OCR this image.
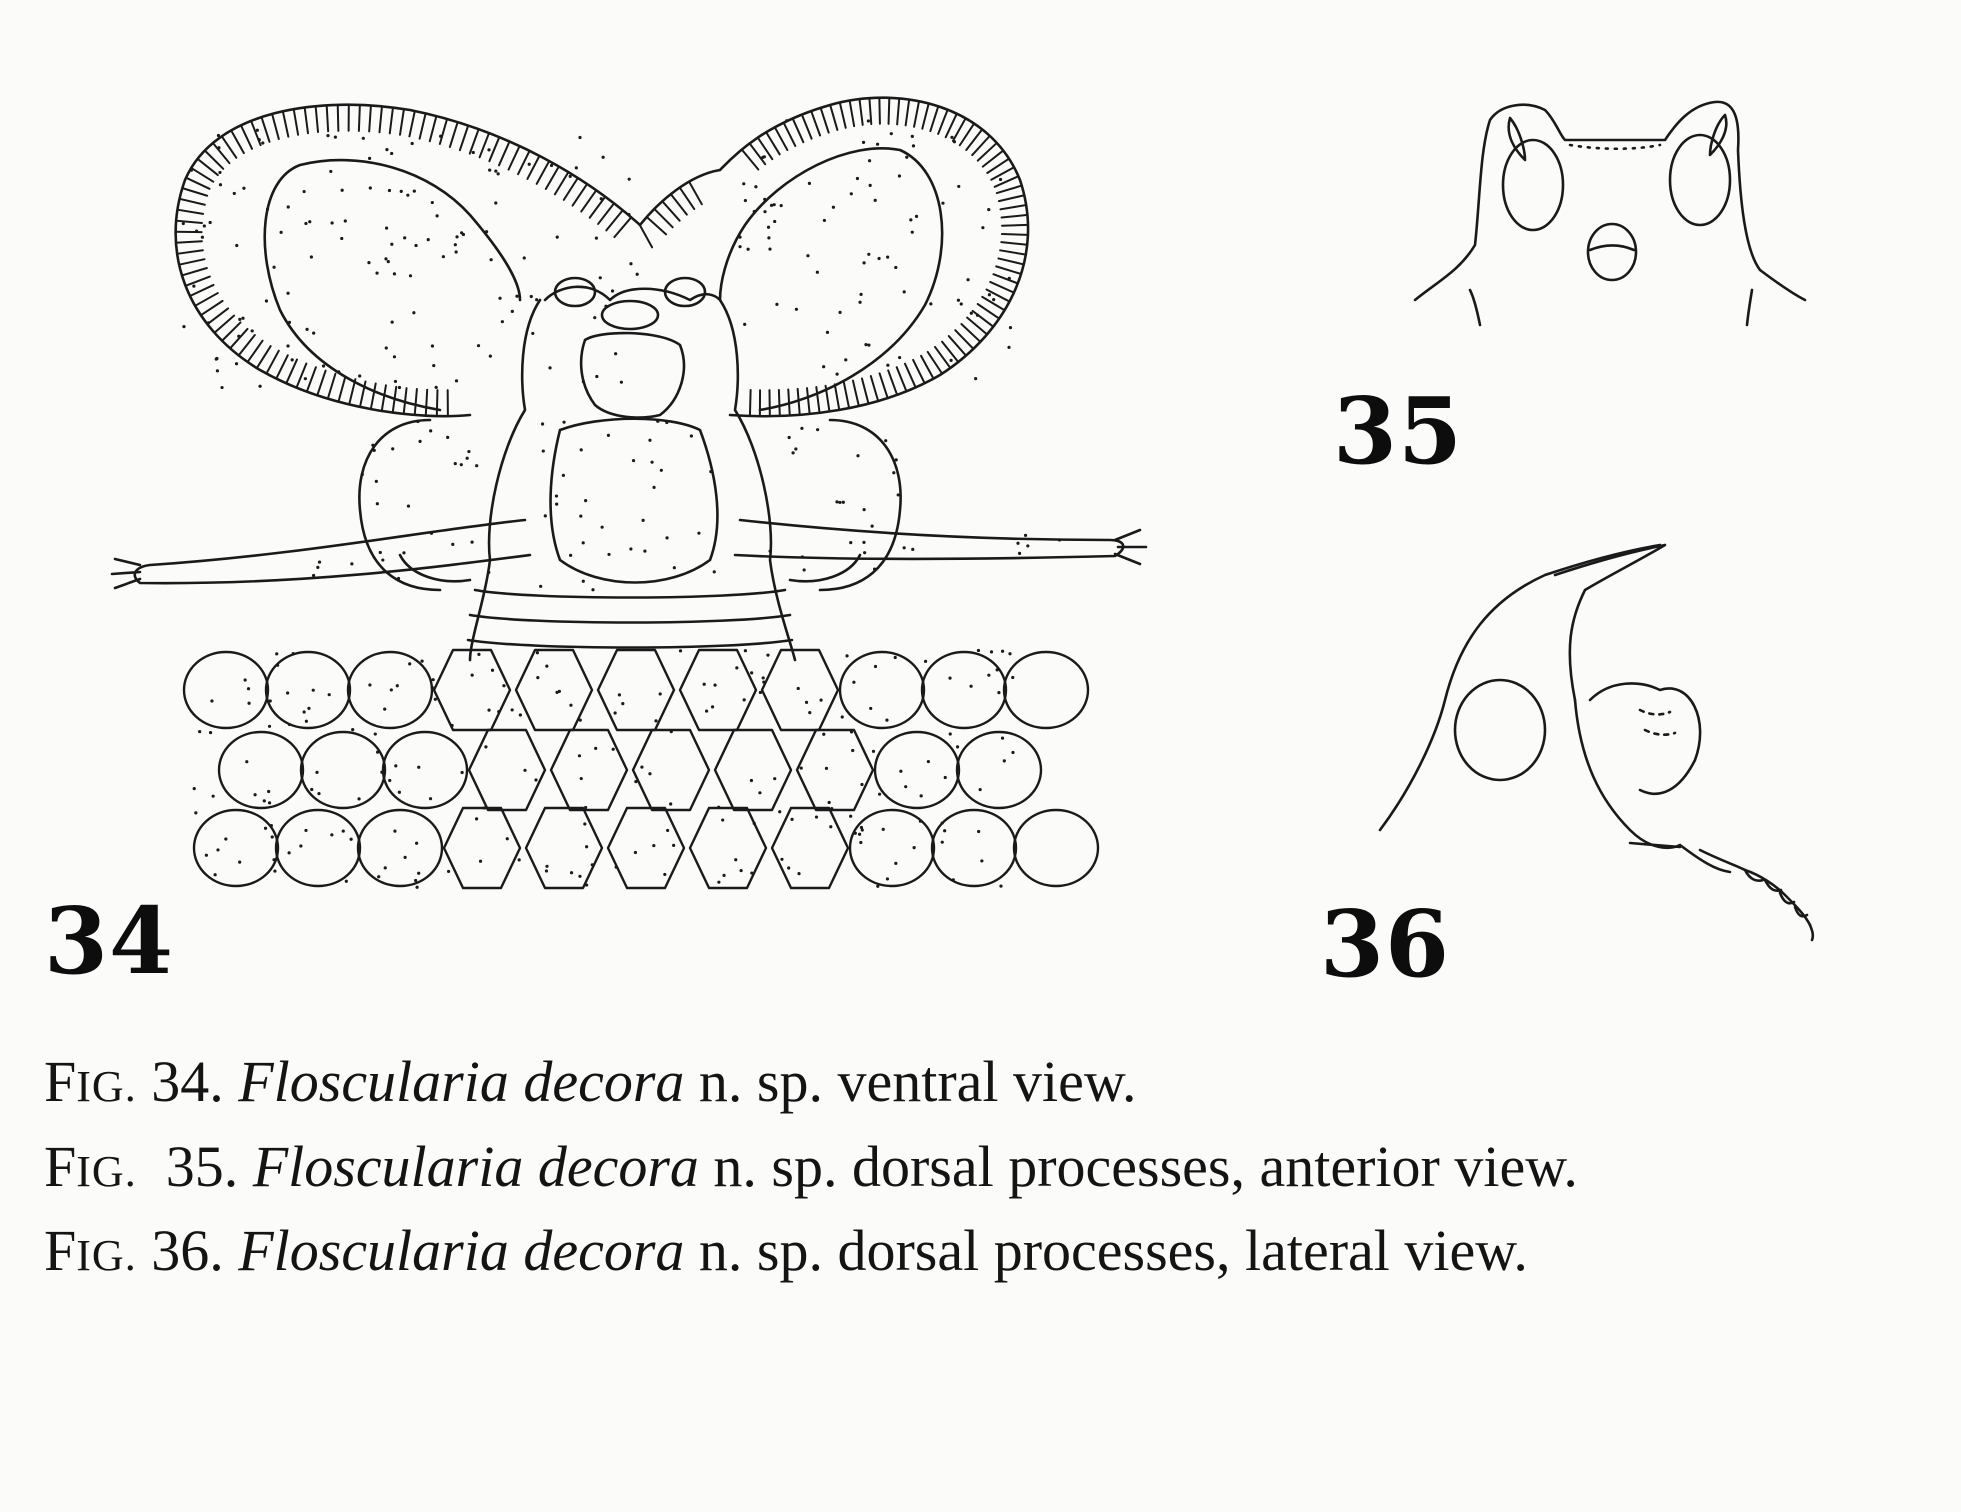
34
35
36
FIG. 34. Floscularia decora n. sp. ventral view.
FIG. 35. Floscularia decora n. sp. dorsal processes, anterior view.
FIG. 36. Floscularia decora n. sp. dorsal processes, lateral view.
